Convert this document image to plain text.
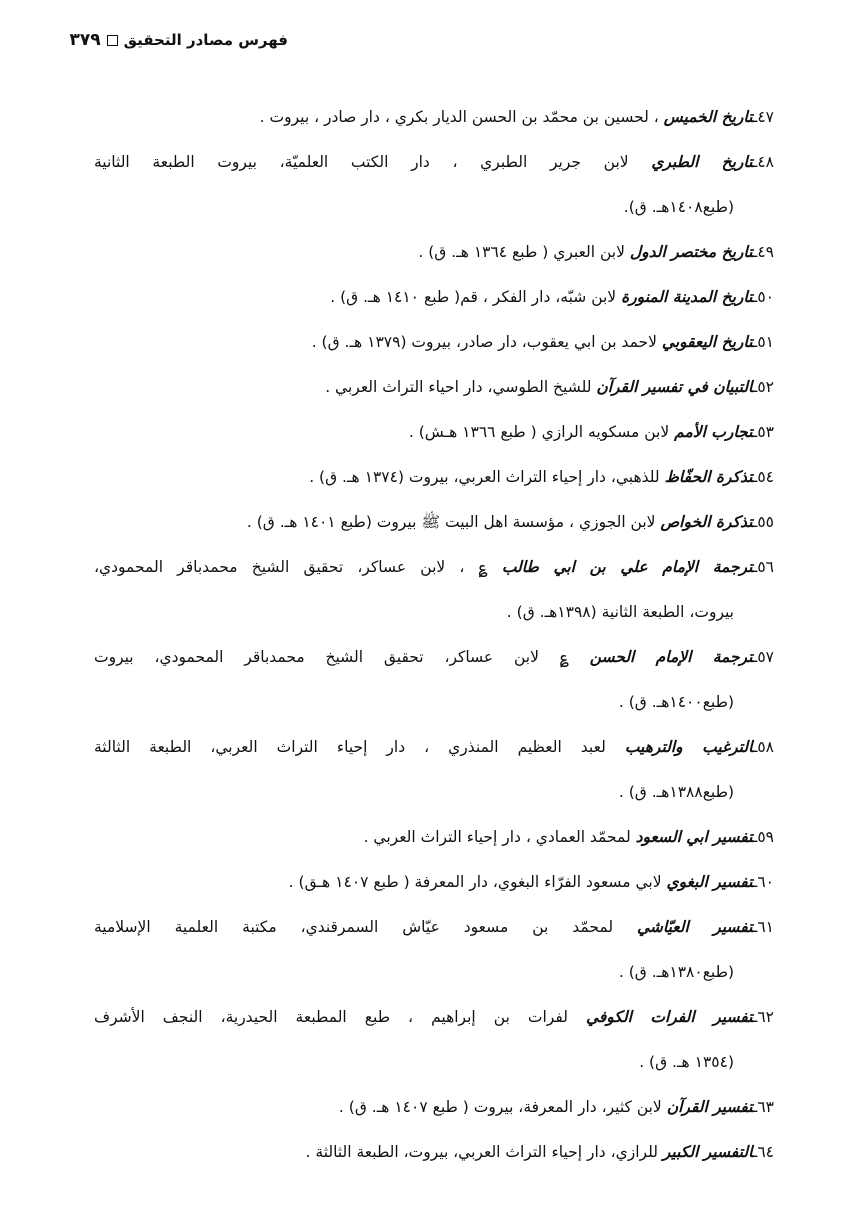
فهرس مصادر التحقيق
٣٧٩
٤٧ـتاريخ الخميس ، لحسين بن محمّد بن الحسن الديار بكري ، دار صادر ، بيروت .
٤٨ـتاريخ الطبري لابن جرير الطبري ، دار الكتب العلميّة، بيروت الطبعة الثانية
(طبع١٤٠٨هـ. ق).
٤٩ـتاريخ مختصر الدول لابن العبري ( طبع ١٣٦٤ هـ. ق) .
٥٠ـتاريخ المدينة المنورة لابن شبّه، دار الفكر ، قم( طبع ١٤١٠ هـ. ق) .
٥١ـتاريخ اليعقوبي لاحمد بن ابي يعقوب، دار صادر، بيروت (١٣٧٩ هـ. ق) .
٥٢ـالتبيان في تفسير القرآن للشيخ الطوسي، دار احياء التراث العربي .
٥٣ـتجارب الأمم لابن مسكويه الرازي ( طبع ١٣٦٦ هـش) .
٥٤ـتذكرة الحفّاظ للذهبي، دار إحياء التراث العربي، بيروت (١٣٧٤ هـ. ق) .
٥٥ـتذكرة الخواص لابن الجوزي ، مؤسسة اهل البيت ﷺ بيروت (طبع ١٤٠١ هـ. ق) .
٥٦ـترجمة الإمام علي بن ابي طالب ؏ ، لابن عساكر، تحقيق الشيخ محمدباقر المحمودي،
بيروت، الطبعة الثانية (١٣٩٨هـ. ق) .
٥٧ـترجمة الإمام الحسن ؏ لابن عساكر، تحقيق الشيخ محمدباقر المحمودي، بيروت
(طبع١٤٠٠هـ. ق) .
٥٨ـالترغيب والترهيب لعبد العظيم المنذري ، دار إحياء التراث العربي، الطبعة الثالثة
(طبع١٣٨٨هـ. ق) .
٥٩ـتفسير ابي السعود لمحمّد العمادي ، دار إحياء التراث العربي .
٦٠ـتفسير البغوي لابي مسعود الفرّاء البغوي، دار المعرفة ( طبع ١٤٠٧ هـق) .
٦١ـتفسير العيّاشي لمحمّد بن مسعود عيّاش السمرقندي، مكتبة العلمية الإسلامية
(طبع١٣٨٠هـ. ق) .
٦٢ـتفسير الفرات الكوفي لفرات بن إبراهيم ، طبع المطبعة الحيدرية، النجف الأشرف
(١٣٥٤ هـ. ق) .
٦٣ـتفسير القرآن لابن كثير، دار المعرفة، بيروت ( طبع ١٤٠٧ هـ. ق) .
٦٤ـالتفسير الكبير للرازي، دار إحياء التراث العربي، بيروت، الطبعة الثالثة .
